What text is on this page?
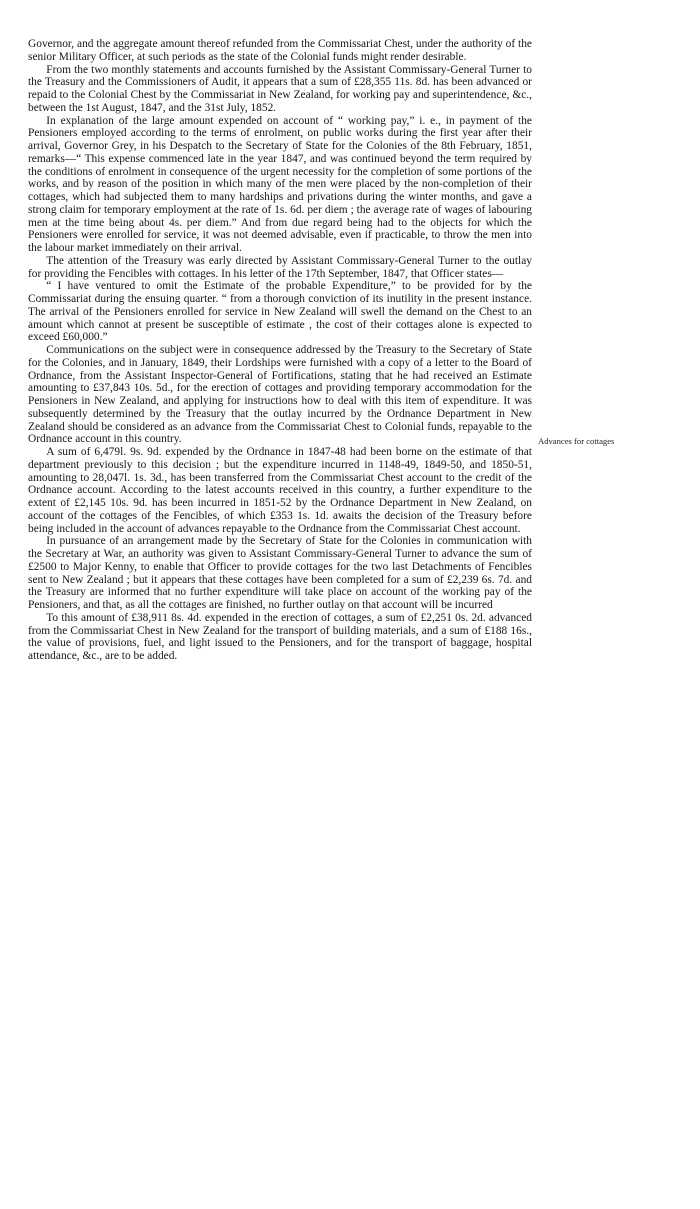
Governor, and the aggregate amount thereof refunded from the Commissariat Chest, under the authority of the senior Military Officer, at such periods as the state of the Colonial funds might render desirable.

From the two monthly statements and accounts furnished by the Assistant Commissary-General Turner to the Treasury and the Commissioners of Audit, it appears that a sum of £28,355 11s. 8d. has been advanced or repaid to the Colonial Chest by the Commissariat in New Zealand, for working pay and superintendence, &c., between the 1st August, 1847, and the 31st July, 1852.

In explanation of the large amount expended on account of “ working pay,” i. e., in payment of the Pensioners employed according to the terms of enrolment, on public works during the first year after their arrival, Governor Grey, in his Despatch to the Secretary of State for the Colonies of the 8th February, 1851, remarks—“ This expense commenced late in the year 1847, and was continued beyond the term required by the conditions of enrolment in consequence of the urgent necessity for the completion of some portions of the works, and by reason of the position in which many of the men were placed by the non-completion of their cottages, which had subjected them to many hardships and privations during the winter months, and gave a strong claim for temporary employment at the rate of 1s. 6d. per diem ; the average rate of wages of labouring men at the time being about 4s. per diem.” And from due regard being had to the objects for which the Pensioners were enrolled for service, it was not deemed advisable, even if practicable, to throw the men into the labour market immediately on their arrival.

The attention of the Treasury was early directed by Assistant Commissary-General Turner to the outlay for providing the Fencibles with cottages. In his letter of the 17th September, 1847, that Officer states—

“ I have ventured to omit the Estimate of the probable Expenditure,” to be provided for by the Commissariat during the ensuing quarter. “ from a thorough conviction of its inutility in the present instance. The arrival of the Pensioners enrolled for service in New Zealand will swell the demand on the Chest to an amount which cannot at present be susceptible of estimate , the cost of their cottages alone is expected to exceed £60,000.”

Communications on the subject were in consequence addressed by the Treasury to the Secretary of State for the Colonies, and in January, 1849, their Lordships were furnished with a copy of a letter to the Board of Ordnance, from the Assistant Inspector-General of Fortifications, stating that he had received an Estimate amounting to £37,843 10s. 5d., for the erection of cottages and providing temporary accommodation for the Pensioners in New Zealand, and applying for instructions how to deal with this item of expenditure. It was subsequently determined by the Treasury that the outlay incurred by the Ordnance Department in New Zealand should be considered as an advance from the Commissariat Chest to Colonial funds, repayable to the Ordnance account in this country.

A sum of 6,479l. 9s. 9d. expended by the Ordnance in 1847-48 had been borne on the estimate of that department previously to this decision ; but the expenditure incurred in 1148-49, 1849-50, and 1850-51, amounting to 28,047l. 1s. 3d., has been transferred from the Commissariat Chest account to the credit of the Ordnance account. According to the latest accounts received in this country, a further expenditure to the extent of £2,145 10s. 9d. has been incurred in 1851-52 by the Ordnance Department in New Zealand, on account of the cottages of the Fencibles, of which £353 1s. 1d. awaits the decision of the Treasury before being included in the account of advances repayable to the Ordnance from the Commissariat Chest account.

In pursuance of an arrangement made by the Secretary of State for the Colonies in communication with the Secretary at War, an authority was given to Assistant Commissary-General Turner to advance the sum of £2500 to Major Kenny, to enable that Officer to provide cottages for the two last Detachments of Fencibles sent to New Zealand ; but it appears that these cottages have been completed for a sum of £2,239 6s. 7d. and the Treasury are informed that no further expenditure will take place on account of the working pay of the Pensioners, and that, as all the cottages are finished, no further outlay on that account will be incurred

To this amount of £38,911 8s. 4d. expended in the erection of cottages, a sum of £2,251 0s. 2d. advanced from the Commissariat Chest in New Zealand for the transport of building materials, and a sum of £188 16s., the value of provisions, fuel, and light issued to the Pensioners, and for the transport of baggage, hospital attendance, &c., are to be added.

Advances for cottages
